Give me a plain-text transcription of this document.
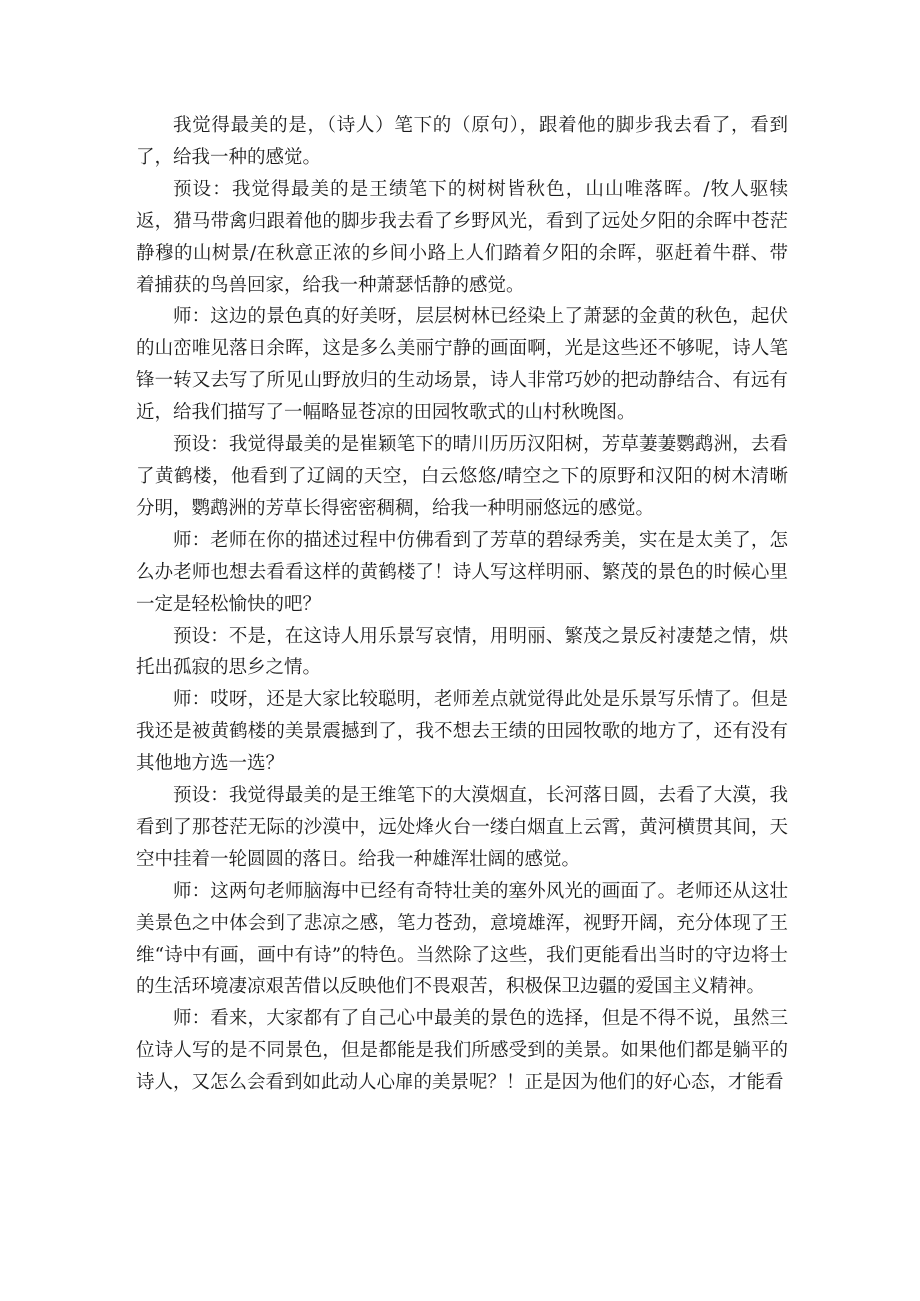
我觉得最美的是，（诗人）笔下的（原句），跟着他的脚步我去看了，看到了，给我一种的感觉。

预设：我觉得最美的是王绩笔下的树树皆秋色，山山唯落晖。/牧人驱犊返，猎马带禽归跟着他的脚步我去看了乡野风光，看到了远处夕阳的余晖中苍茫静穆的山树景/在秋意正浓的乡间小路上人们踏着夕阳的余晖，驱赶着牛群、带着捕获的鸟兽回家，给我一种萧瑟恬静的感觉。

师：这边的景色真的好美呀，层层树林已经染上了萧瑟的金黄的秋色，起伏的山峦唯见落日余晖，这是多么美丽宁静的画面啊，光是这些还不够呢，诗人笔锋一转又去写了所见山野放归的生动场景，诗人非常巧妙的把动静结合、有远有近，给我们描写了一幅略显苍凉的田园牧歌式的山村秋晚图。

预设：我觉得最美的是崔颖笔下的晴川历历汉阳树，芳草萋萋鹦鹉洲，去看了黄鹤楼，他看到了辽阔的天空，白云悠悠/晴空之下的原野和汉阳的树木清晰分明，鹦鹉洲的芳草长得密密稠稠，给我一种明丽悠远的感觉。

师：老师在你的描述过程中仿佛看到了芳草的碧绿秀美，实在是太美了，怎么办老师也想去看看这样的黄鹤楼了！诗人写这样明丽、繁茂的景色的时候心里一定是轻松愉快的吧？

预设：不是，在这诗人用乐景写哀情，用明丽、繁茂之景反衬凄楚之情，烘托出孤寂的思乡之情。

师：哎呀，还是大家比较聪明，老师差点就觉得此处是乐景写乐情了。但是我还是被黄鹤楼的美景震撼到了，我不想去王绩的田园牧歌的地方了，还有没有其他地方选一选？

预设：我觉得最美的是王维笔下的大漠烟直，长河落日圆，去看了大漠，我看到了那苍茫无际的沙漠中，远处烽火台一缕白烟直上云霄，黄河横贯其间，天空中挂着一轮圆圆的落日。给我一种雄浑壮阔的感觉。

师：这两句老师脑海中已经有奇特壮美的塞外风光的画面了。老师还从这壮美景色之中体会到了悲凉之感，笔力苍劲，意境雄浑，视野开阔，充分体现了王维“诗中有画，画中有诗”的特色。当然除了这些，我们更能看出当时的守边将士的生活环境凄凉艰苦借以反映他们不畏艰苦，积极保卫边疆的爱国主义精神。

师：看来，大家都有了自己心中最美的景色的选择，但是不得不说，虽然三位诗人写的是不同景色，但是都能是我们所感受到的美景。如果他们都是躺平的诗人，又怎么会看到如此动人心扉的美景呢？！正是因为他们的好心态，才能看
